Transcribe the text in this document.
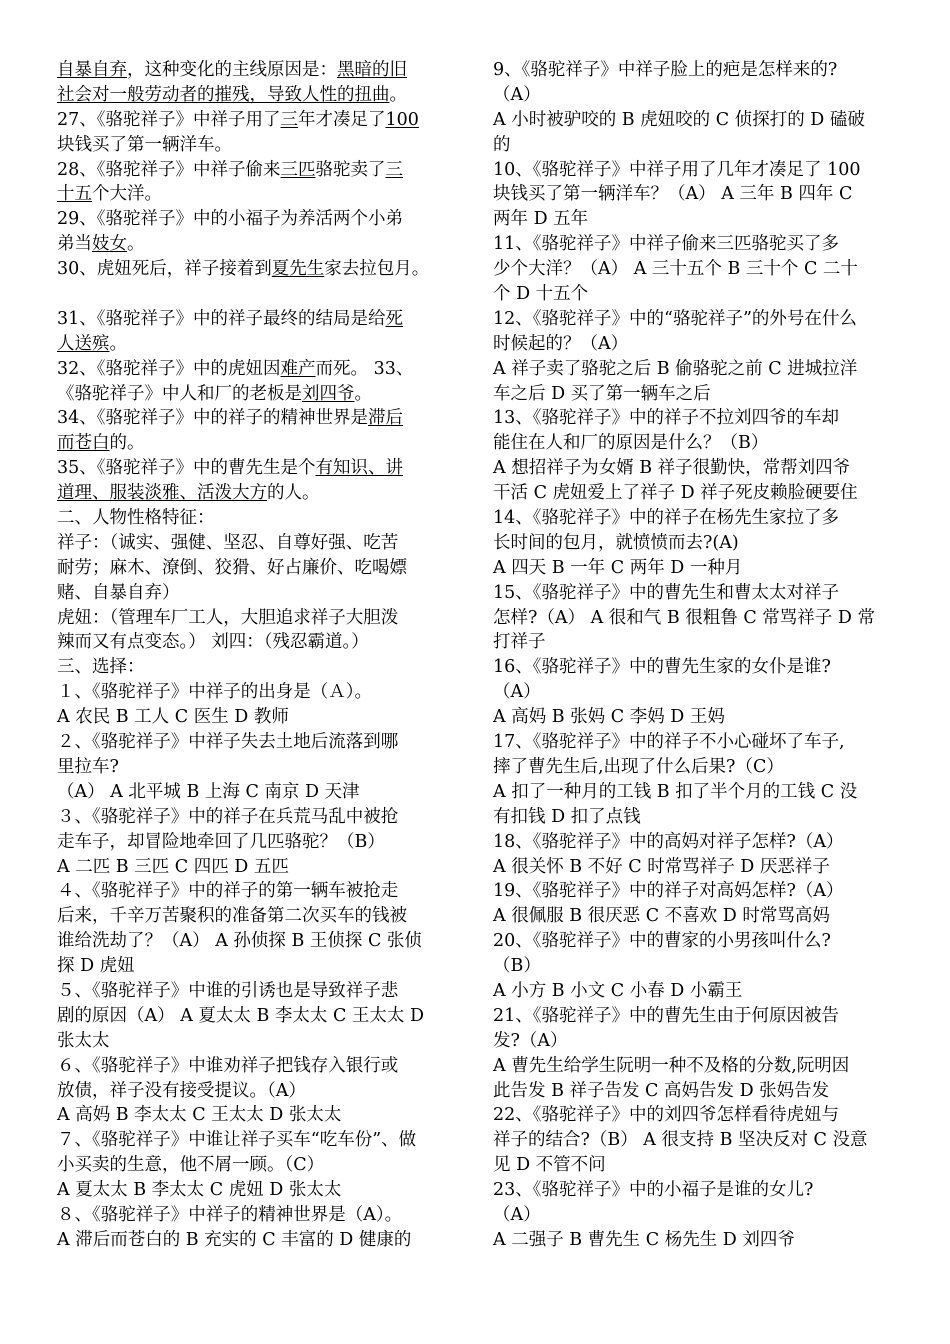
自暴自弃，这种变化的主线原因是：黑暗的旧
社会对一般劳动者的摧残，导致人性的扭曲。
27、《骆驼祥子》中祥子用了三年才凑足了100
块钱买了第一辆洋车。
28、《骆驼祥子》中祥子偷来三匹骆驼卖了三
十五个大洋。
29、《骆驼祥子》中的小福子为养活两个小弟
弟当妓女。
30、虎妞死后，祥子接着到夏先生家去拉包月。
31、《骆驼祥子》中的祥子最终的结局是给死
人送殡。
32、《骆驼祥子》中的虎妞因难产而死。 33、
《骆驼祥子》中人和厂的老板是刘四爷。
34、《骆驼祥子》中的祥子的精神世界是滞后
而苍白的。
35、《骆驼祥子》中的曹先生是个有知识、讲
道理、服装淡雅、活泼大方的人。
二、人物性格特征：
祥子：（诚实、强健、坚忍、自尊好强、吃苦
耐劳；麻木、潦倒、狡猾、好占廉价、吃喝嫖
赌、自暴自弃）
虎妞：（管理车厂工人，大胆追求祥子大胆泼
辣而又有点变态。） 刘四：（残忍霸道。）
三、选择：
１、《骆驼祥子》中祥子的出身是（Ａ）。
A 农民 B 工人 C 医生 D 教师
２、《骆驼祥子》中祥子失去土地后流落到哪
里拉车?
（A） A 北平城 B 上海 C 南京 D 天津
３、《骆驼祥子》中的祥子在兵荒马乱中被抢
走车子，却冒险地牵回了几匹骆驼？（B）
A 二匹 B 三匹 C 四匹 D 五匹
４、《骆驼祥子》中的祥子的第一辆车被抢走
后来，千辛万苦聚积的准备第二次买车的钱被
谁给洗劫了？（A） A 孙侦探 B 王侦探 C 张侦
探 D 虎妞
５、《骆驼祥子》中谁的引诱也是导致祥子悲
剧的原因（A） A 夏太太 B 李太太 C 王太太 D
张太太
６、《骆驼祥子》中谁劝祥子把钱存入银行或
放债，祥子没有接受提议。（A）
A 高妈 B 李太太 C 王太太 D 张太太
７、《骆驼祥子》中谁让祥子买车“吃车份”、做
小买卖的生意，他不屑一顾。（C）
A 夏太太 B 李太太 C 虎妞 D 张太太
８、《骆驼祥子》中祥子的精神世界是（A）。
A 滞后而苍白的 B 充实的 C 丰富的 D 健康的
9、《骆驼祥子》中祥子脸上的疤是怎样来的?
（A）
A 小时被驴咬的 B 虎妞咬的 C 侦探打的 D 磕破
的
10、《骆驼祥子》中祥子用了几年才凑足了 100
块钱买了第一辆洋车？（A） A 三年 B 四年 C
两年 D 五年
11、《骆驼祥子》中祥子偷来三匹骆驼买了多
少个大洋？（A） A 三十五个 B 三十个 C 二十
个 D 十五个
12、《骆驼祥子》中的“骆驼祥子”的外号在什么
时候起的？（A）
A 祥子卖了骆驼之后 B 偷骆驼之前 C 进城拉洋
车之后 D 买了第一辆车之后
13、《骆驼祥子》中的祥子不拉刘四爷的车却
能住在人和厂的原因是什么？（B）
A 想招祥子为女婿 B 祥子很勤快，常帮刘四爷
干活 C 虎妞爱上了祥子 D 祥子死皮赖脸硬要住
14、《骆驼祥子》中的祥子在杨先生家拉了多
长时间的包月，就愤愤而去?(A)
A 四天 B 一年 C 两年 D 一种月
15、《骆驼祥子》中的曹先生和曹太太对祥子
怎样?（A） A 很和气 B 很粗鲁 C 常骂祥子 D 常
打祥子
16、《骆驼祥子》中的曹先生家的女仆是谁?
（A）
A 高妈 B 张妈 C 李妈 D 王妈
17、《骆驼祥子》中的祥子不小心碰坏了车子,
摔了曹先生后,出现了什么后果?（C）
A 扣了一种月的工钱 B 扣了半个月的工钱 C 没
有扣钱 D 扣了点钱
18、《骆驼祥子》中的高妈对祥子怎样?（A）
A 很关怀 B 不好 C 时常骂祥子 D 厌恶祥子
19、《骆驼祥子》中的祥子对高妈怎样?（A）
A 很佩服 B 很厌恶 C 不喜欢 D 时常骂高妈
20、《骆驼祥子》中的曹家的小男孩叫什么?
（B）
A 小方 B 小文 C 小春 D 小霸王
21、《骆驼祥子》中的曹先生由于何原因被告
发?（A）
A 曹先生给学生阮明一种不及格的分数,阮明因
此告发 B 祥子告发 C 高妈告发 D 张妈告发
22、《骆驼祥子》中的刘四爷怎样看待虎妞与
祥子的结合?（B） A 很支持 B 坚决反对 C 没意
见 D 不管不问
23、《骆驼祥子》中的小福子是谁的女儿?
（A）
A 二强子 B 曹先生 C 杨先生 D 刘四爷
